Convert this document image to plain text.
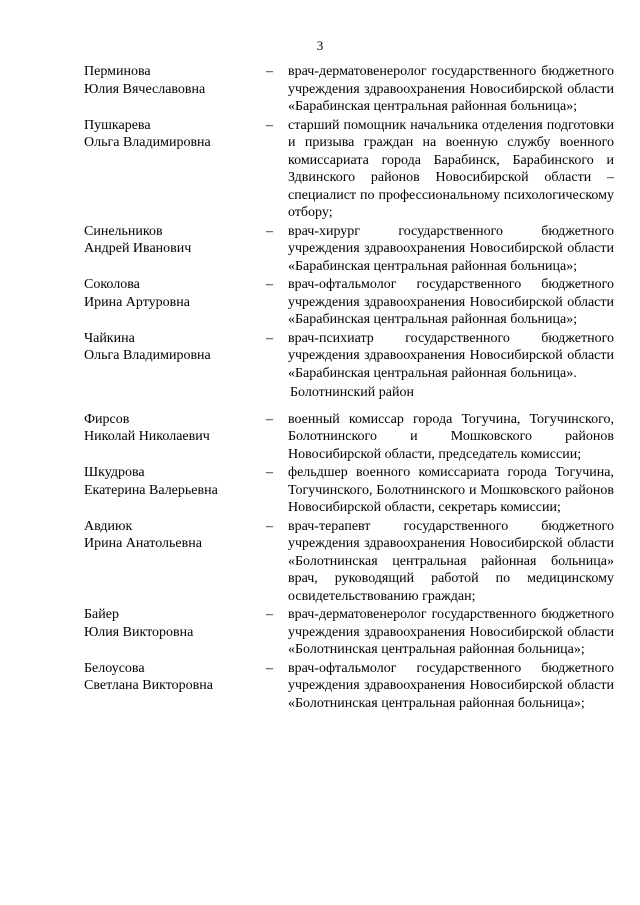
3
Перминова
Юлия Вячеславовна
–	врач-дерматовенеролог государственного бюджетного учреждения здравоохранения Новосибирской области «Барабинская центральная районная больница»;
Пушкарева
Ольга Владимировна
–	старший помощник начальника отделения подготовки и призыва граждан на военную службу военного комиссариата города Барабинск, Барабинского и Здвинского районов Новосибирской области – специалист по профессиональному психологическому отбору;
Синельников
Андрей Иванович
–	врач-хирург государственного бюджетного учреждения здравоохранения Новосибирской области «Барабинская центральная районная больница»;
Соколова
Ирина Артуровна
–	врач-офтальмолог государственного бюджетного учреждения здравоохранения Новосибирской области «Барабинская центральная районная больница»;
Чайкина
Ольга Владимировна
–	врач-психиатр государственного бюджетного учреждения здравоохранения Новосибирской области «Барабинская центральная районная больница».
Болотнинский район
Фирсов
Николай Николаевич
–	военный комиссар города Тогучина, Тогучинского, Болотнинского и Мошковского районов Новосибирской области, председатель комиссии;
Шкудрова
Екатерина Валерьевна
–	фельдшер военного комиссариата города Тогучина, Тогучинского, Болотнинского и Мошковского районов Новосибирской области, секретарь комиссии;
Авдиюк
Ирина Анатольевна
–	врач-терапевт государственного бюджетного учреждения здравоохранения Новосибирской области «Болотнинская центральная районная больница» врач, руководящий работой по медицинскому освидетельствованию граждан;
Байер
Юлия Викторовна
–	врач-дерматовенеролог государственного бюджетного учреждения здравоохранения Новосибирской области «Болотнинская центральная районная больница»;
Белоусова
Светлана Викторовна
–	врач-офтальмолог государственного бюджетного учреждения здравоохранения Новосибирской области «Болотнинская центральная районная больница»;
